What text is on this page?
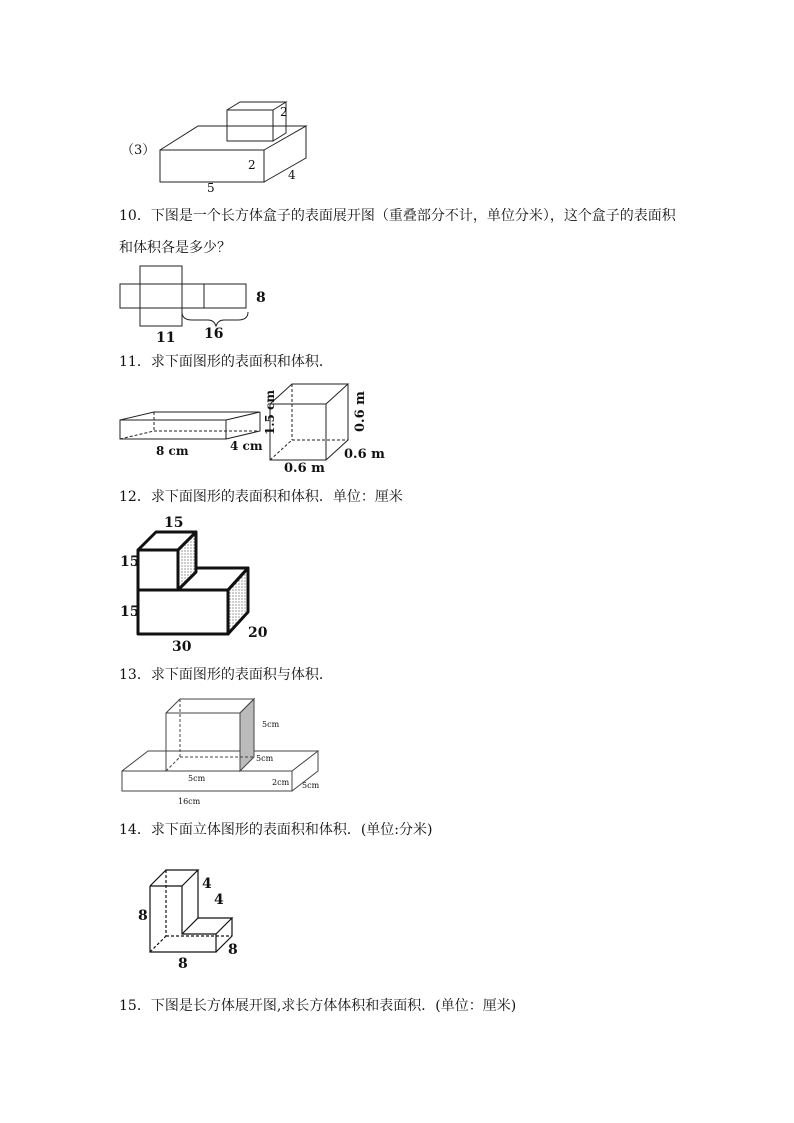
（3）
2
2
4
5
10．下图是一个长方体盒子的表面展开图（重叠部分不计，单位分米），这个盒子的表面积
和体积各是多少？
8
11 16
11．求下面图形的表面积和体积．
8 cm	4 cm
1.5 cm	0.6 m
0.6 m
0.6 m
12．求下面图形的表面积和体积．单位：厘米
15
15
15
30
20
13．求下面图形的表面积与体积．
5cm
5cm
5cm	2cm 5cm
16cm
14．求下面立体图形的表面积和体积．(单位:分米)
4
4
8
8
8
15．下图是长方体展开图,求长方体体积和表面积．(单位：厘米)
